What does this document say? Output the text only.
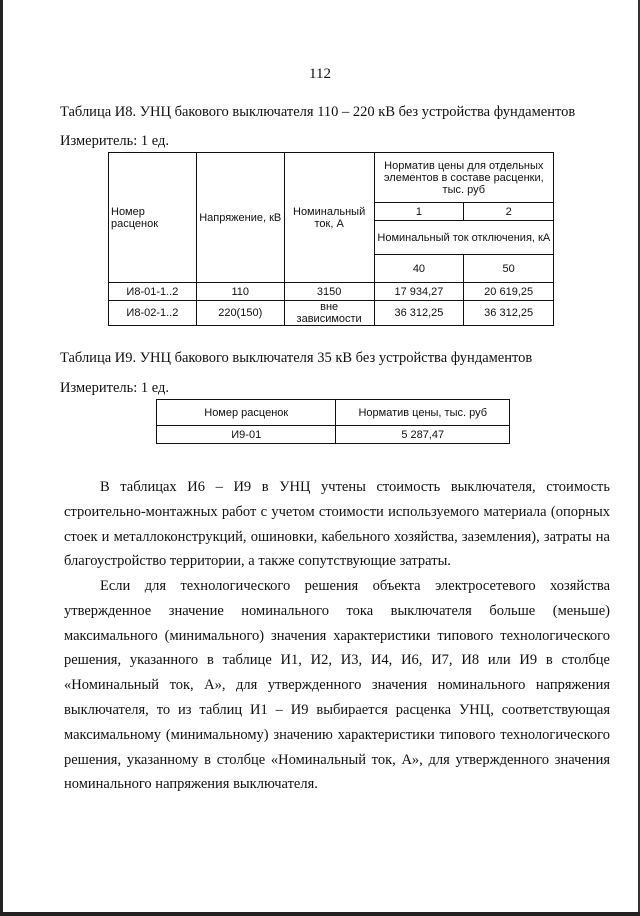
112
Таблица И8. УНЦ бакового выключателя 110 – 220 кВ без устройства фундаментов
Измеритель: 1 ед.
Номер расценок	Напряжение, кВ	Номинальный ток, А	Норматив цены для отдельных элементов в составе расценки, тыс. руб	
			1	2
			Номинальный ток отключения, кА	
			40	50
И8-01-1..2	110	3150	17 934,27	20 619,25
И8-02-1..2	220(150)	вне зависимости	36 312,25	36 312,25
Таблица И9. УНЦ бакового выключателя 35 кВ без устройства фундаментов
Измеритель: 1 ед.
Номер расценок	Норматив цены, тыс. руб
И9-01	5 287,47
В таблицах И6 – И9 в УНЦ учтены стоимость выключателя, стоимость строительно-монтажных работ с учетом стоимости используемого материала (опорных стоек и металлоконструкций, ошиновки, кабельного хозяйства, заземления), затраты на благоустройство территории, а также сопутствующие затраты.
Если для технологического решения объекта электросетевого хозяйства утвержденное значение номинального тока выключателя больше (меньше) максимального (минимального) значения характеристики типового технологического решения, указанного в таблице И1, И2, И3, И4, И6, И7, И8 или И9 в столбце «Номинальный ток, А», для утвержденного значения номинального напряжения выключателя, то из таблиц И1 – И9 выбирается расценка УНЦ, соответствующая максимальному (минимальному) значению характеристики типового технологического решения, указанному в столбце «Номинальный ток, А», для утвержденного значения номинального напряжения выключателя.
